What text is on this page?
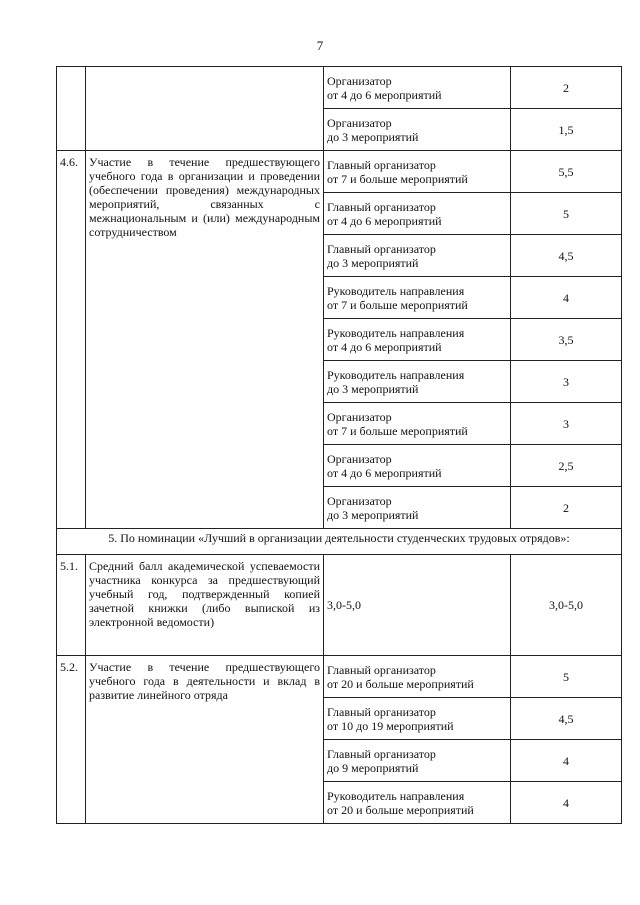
7

		Организатор
от 4 до 6 мероприятий	2

		Организатор
до 3 мероприятий	1,5
4.6.	Участие в течение предшествующего учебного года в организации и проведении (обеспечении проведения) международных мероприятий, связанных с межнациональным и (или) международным сотрудничеством	Главный организатор
от 7 и больше мероприятий	5,5

		Главный организатор
от 4 до 6 мероприятий	5

		Главный организатор
до 3 мероприятий	4,5

		Руководитель направления
от 7 и больше мероприятий	4

		Руководитель направления
от 4 до 6 мероприятий	3,5

		Руководитель направления
до 3 мероприятий	3

		Организатор
от 7 и больше мероприятий	3

		Организатор
от 4 до 6 мероприятий	2,5

		Организатор
до 3 мероприятий	2
5. По номинации «Лучший в организации деятельности студенческих трудовых отрядов»:			
5.1.	Средний балл академической успеваемости участника конкурса за предшествующий учебный год, подтвержденный копией зачетной книжки (либо выпиской из электронной ведомости)	3,0-5,0	3,0-5,0
5.2.	Участие в течение предшествующего учебного года в деятельности и вклад в развитие линейного отряда	Главный организатор
от 20 и больше мероприятий	5

		Главный организатор
от 10 до 19 мероприятий	4,5

		Главный организатор
до 9 мероприятий	4

		Руководитель направления
от 20 и больше мероприятий	4
